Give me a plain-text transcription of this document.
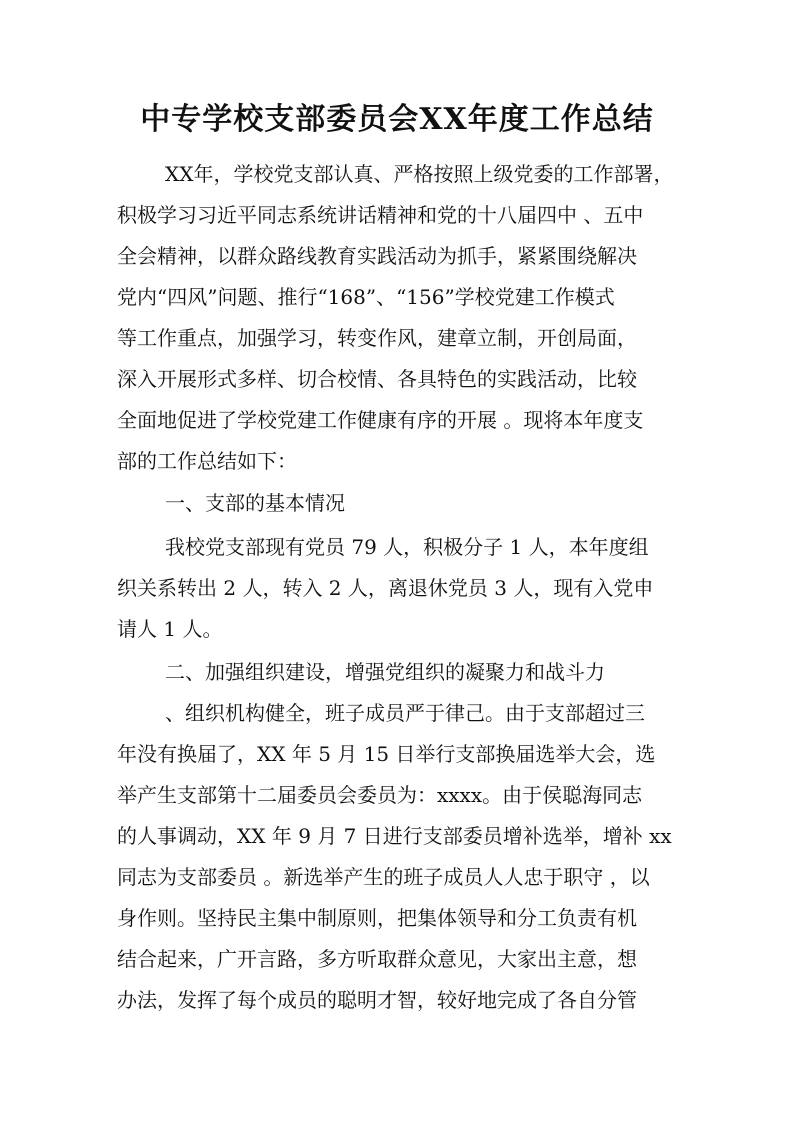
中专学校支部委员会XX年度工作总结
XX年，学校党支部认真、严格按照上级党委的工作部署，
积极学习习近平同志系统讲话精神和党的十八届四中 、五中
全会精神，以群众路线教育实践活动为抓手，紧紧围绕解决
党内“四风”问题、推行“168”、“156”学校党建工作模式
等工作重点，加强学习，转变作风，建章立制，开创局面，
深入开展形式多样、切合校情、各具特色的实践活动，比较
全面地促进了学校党建工作健康有序的开展 。现将本年度支
部的工作总结如下：
一、支部的基本情况
我校党支部现有党员 79 人，积极分子 1 人，本年度组
织关系转出 2 人，转入 2 人，离退休党员 3 人，现有入党申
请人 1 人。
二、加强组织建设，增强党组织的凝聚力和战斗力
、组织机构健全，班子成员严于律己。由于支部超过三
年没有换届了，XX 年 5 月 15 日举行支部换届选举大会，选
举产生支部第十二届委员会委员为：xxxx。由于侯聪海同志
的人事调动，XX 年 9 月 7 日进行支部委员增补选举，增补 xx
同志为支部委员 。新选举产生的班子成员人人忠于职守 ，以
身作则。坚持民主集中制原则，把集体领导和分工负责有机
结合起来，广开言路，多方听取群众意见，大家出主意，想
办法，发挥了每个成员的聪明才智，较好地完成了各自分管
